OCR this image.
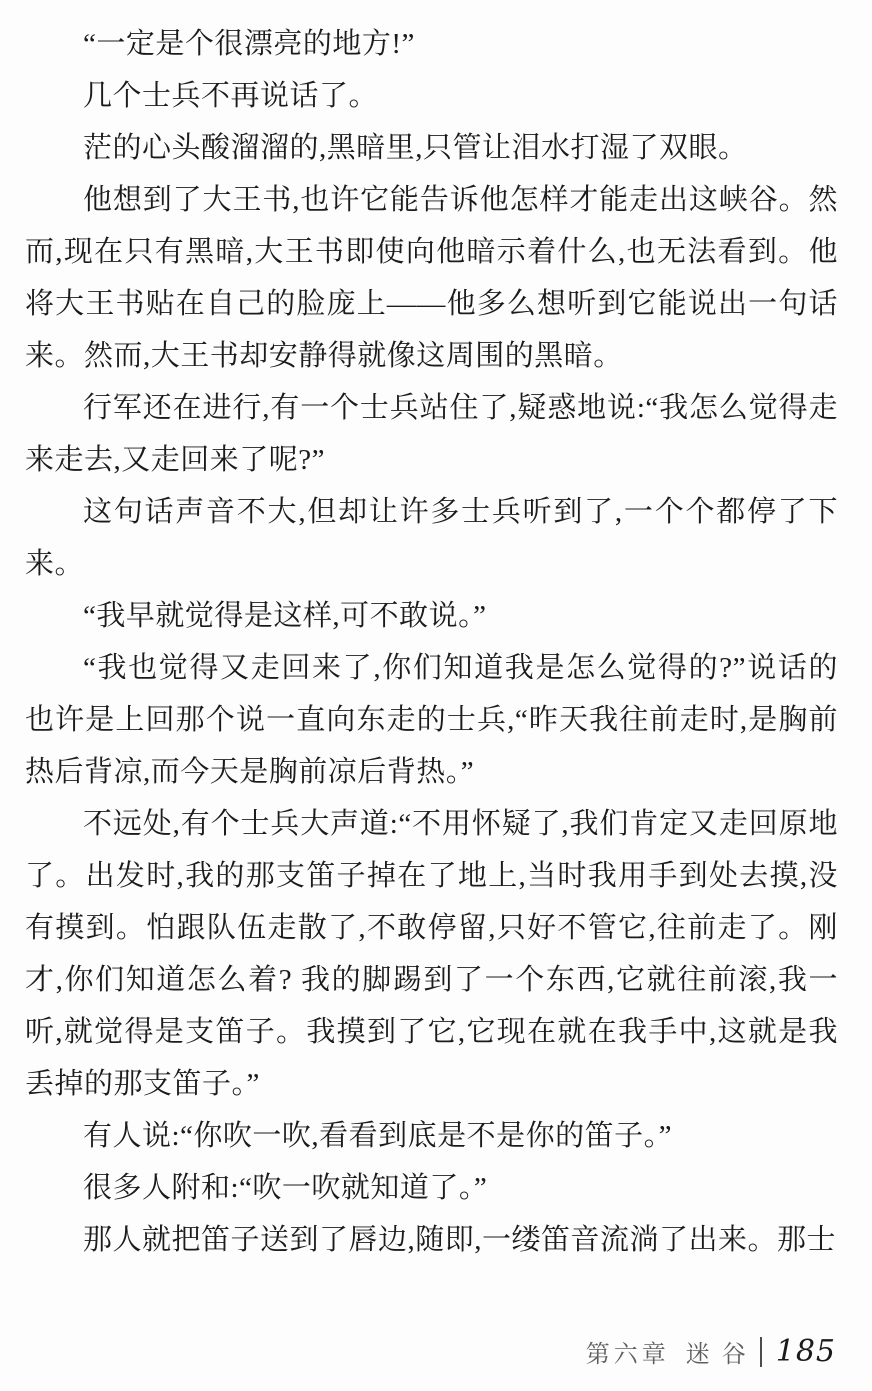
“一定是个很漂亮的地方!”

几个士兵不再说话了。

茫的心头酸溜溜的,黑暗里,只管让泪水打湿了双眼。

他想到了大王书,也许它能告诉他怎样才能走出这峡谷。然而,现在只有黑暗,大王书即使向他暗示着什么,也无法看到。他将大王书贴在自己的脸庞上——他多么想听到它能说出一句话来。然而,大王书却安静得就像这周围的黑暗。

行军还在进行,有一个士兵站住了,疑惑地说:“我怎么觉得走来走去,又走回来了呢?”

这句话声音不大,但却让许多士兵听到了,一个个都停了下来。

“我早就觉得是这样,可不敢说。”

“我也觉得又走回来了,你们知道我是怎么觉得的?”说话的也许是上回那个说一直向东走的士兵,“昨天我往前走时,是胸前热后背凉,而今天是胸前凉后背热。”

不远处,有个士兵大声道:“不用怀疑了,我们肯定又走回原地了。出发时,我的那支笛子掉在了地上,当时我用手到处去摸,没有摸到。怕跟队伍走散了,不敢停留,只好不管它,往前走了。刚才,你们知道怎么着? 我的脚踢到了一个东西,它就往前滚,我一听,就觉得是支笛子。我摸到了它,它现在就在我手中,这就是我丢掉的那支笛子。”

有人说:“你吹一吹,看看到底是不是你的笛子。”

很多人附和:“吹一吹就知道了。”

那人就把笛子送到了唇边,随即,一缕笛音流淌了出来。那士

第六章 迷谷 185
